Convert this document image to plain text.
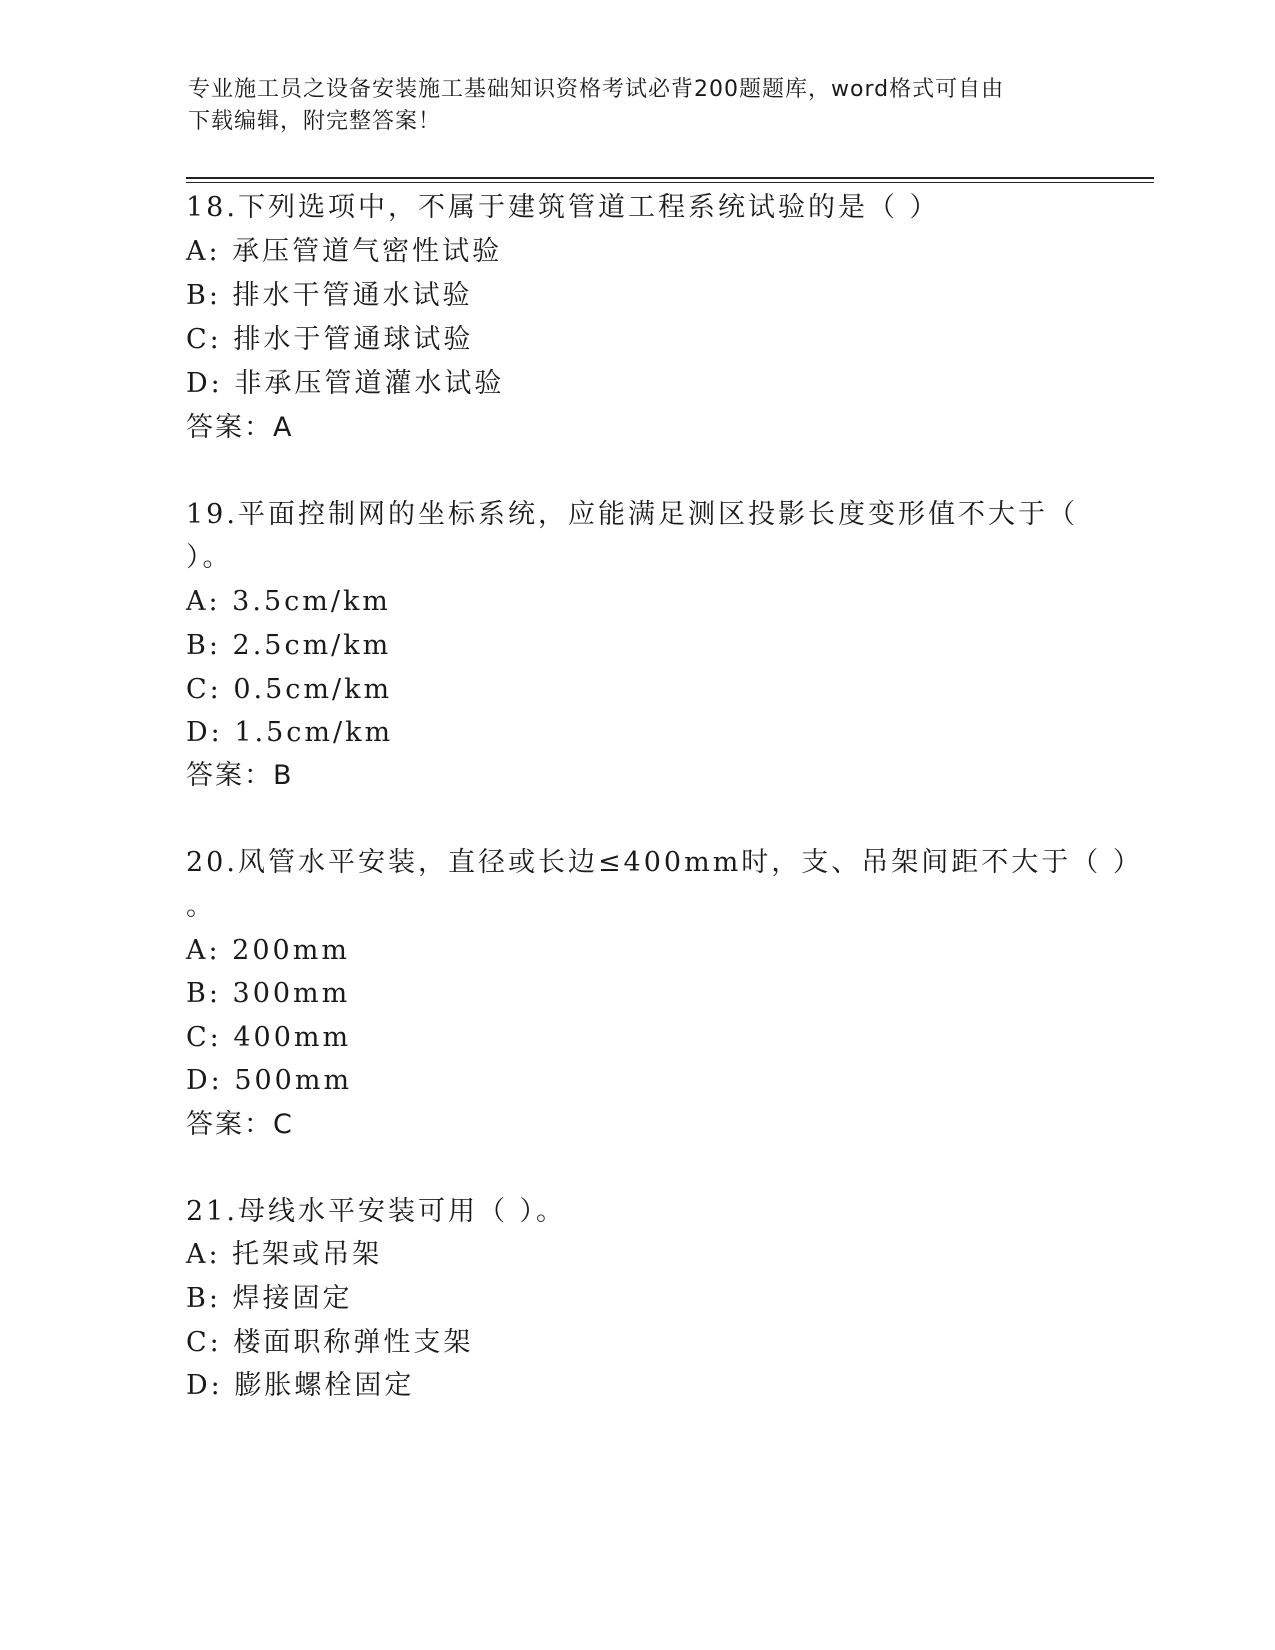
专业施工员之设备安装施工基础知识资格考试必背200题题库，word格式可自由
下载编辑，附完整答案！
18.下列选项中，不属于建筑管道工程系统试验的是（ ）
A: 承压管道气密性试验
B: 排水干管通水试验
C: 排水于管通球试验
D: 非承压管道灌水试验
答案：A
19.平面控制网的坐标系统，应能满足测区投影长度变形值不大于（
）。
A: 3.5cm/km
B: 2.5cm/km
C: 0.5cm/km
D: 1.5cm/km
答案：B
20.风管水平安装，直径或长边≤400mm时，支、吊架间距不大于（ ）
。
A: 200mm
B: 300mm
C: 400mm
D: 500mm
答案：C
21.母线水平安装可用（ ）。
A: 托架或吊架
B: 焊接固定
C: 楼面职称弹性支架
D: 膨胀螺栓固定
